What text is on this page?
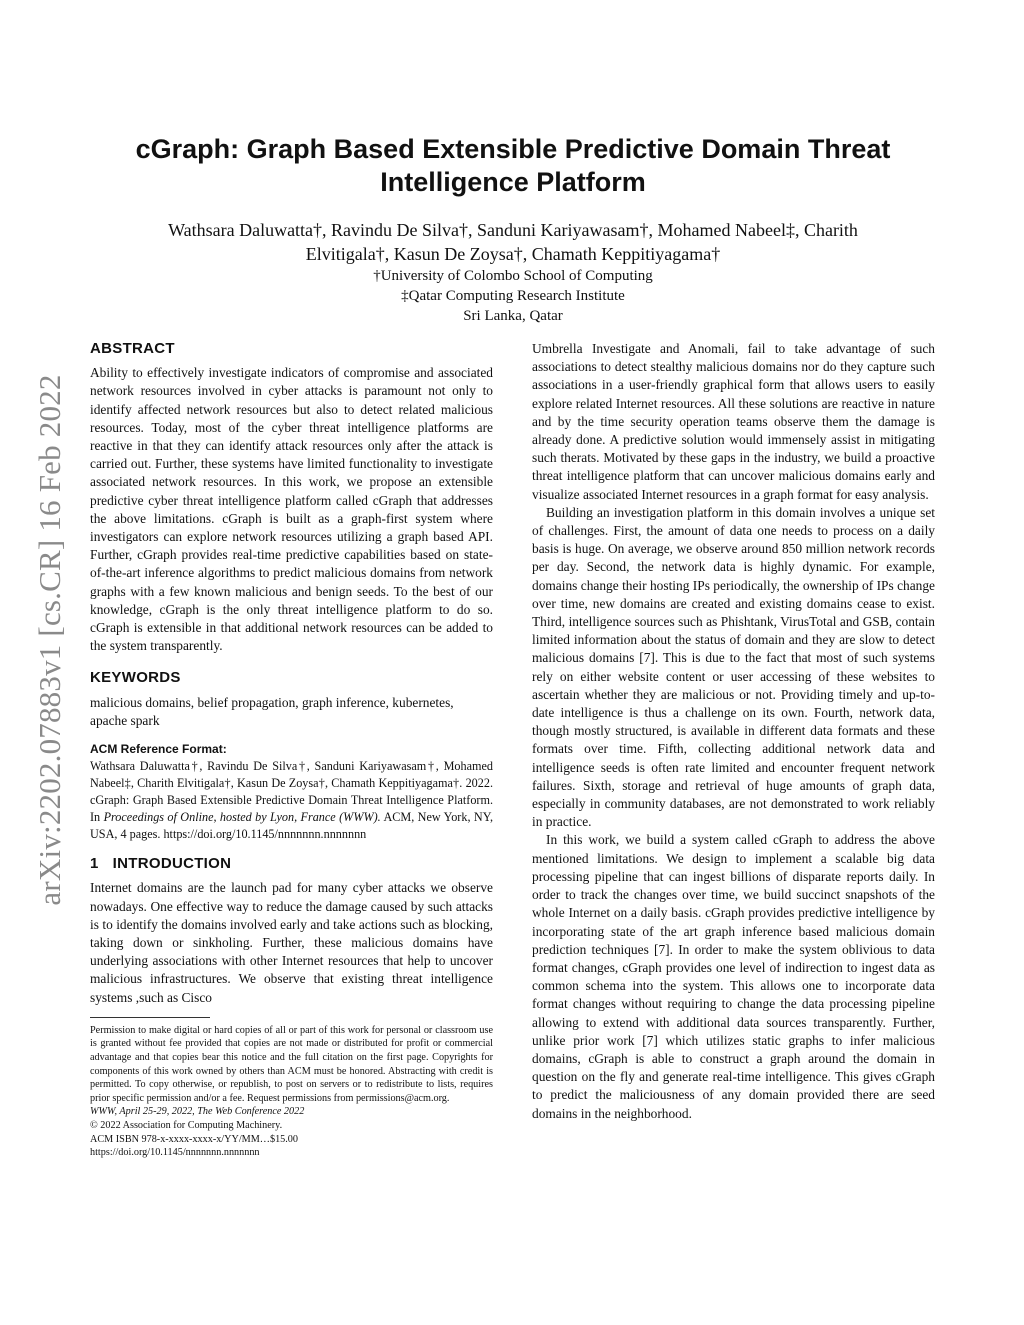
arXiv:2202.07883v1 [cs.CR] 16 Feb 2022
cGraph: Graph Based Extensible Predictive Domain Threat Intelligence Platform
Wathsara Daluwatta†, Ravindu De Silva†, Sanduni Kariyawasam†, Mohamed Nabeel‡, Charith
Elvitigala†, Kasun De Zoysa†, Chamath Keppitiyagama†
†University of Colombo School of Computing
‡Qatar Computing Research Institute
Sri Lanka, Qatar
ABSTRACT

Ability to effectively investigate indicators of compromise and associated network resources involved in cyber attacks is paramount not only to identify affected network resources but also to detect related malicious resources. Today, most of the cyber threat intelligence platforms are reactive in that they can identify attack resources only after the attack is carried out. Further, these systems have limited functionality to investigate associated network resources. In this work, we propose an extensible predictive cyber threat intelligence platform called cGraph that addresses the above limitations. cGraph is built as a graph-first system where investigators can explore network resources utilizing a graph based API. Further, cGraph provides real-time predictive capabilities based on state-of-the-art inference algorithms to predict malicious domains from network graphs with a few known malicious and benign seeds. To the best of our knowledge, cGraph is the only threat intelligence platform to do so. cGraph is extensible in that additional network resources can be added to the system transparently.

KEYWORDS

malicious domains, belief propagation, graph inference, kubernetes, apache spark

ACM Reference Format:

Wathsara Daluwatta†, Ravindu De Silva†, Sanduni Kariyawasam†, Mohamed Nabeel‡, Charith Elvitigala†, Kasun De Zoysa†, Chamath Keppitiyagama†. 2022. cGraph: Graph Based Extensible Predictive Domain Threat Intelligence Platform. In Proceedings of Online, hosted by Lyon, France (WWW). ACM, New York, NY, USA, 4 pages. https://doi.org/10.1145/nnnnnnn.nnnnnnn

1 INTRODUCTION

Internet domains are the launch pad for many cyber attacks we observe nowadays. One effective way to reduce the damage caused by such attacks is to identify the domains involved early and take actions such as blocking, taking down or sinkholing. Further, these malicious domains have underlying associations with other Internet resources that help to uncover malicious infrastructures. We observe that existing threat intelligence systems ,such as Cisco

Permission to make digital or hard copies of all or part of this work for personal or classroom use is granted without fee provided that copies are not made or distributed for profit or commercial advantage and that copies bear this notice and the full citation on the first page. Copyrights for components of this work owned by others than ACM must be honored. Abstracting with credit is permitted. To copy otherwise, or republish, to post on servers or to redistribute to lists, requires prior specific permission and/or a fee. Request permissions from permissions@acm.org.
WWW, April 25-29, 2022, The Web Conference 2022
© 2022 Association for Computing Machinery.
ACM ISBN 978-x-xxxx-xxxx-x/YY/MM…$15.00
https://doi.org/10.1145/nnnnnnn.nnnnnnn

Umbrella Investigate and Anomali, fail to take advantage of such associations to detect stealthy malicious domains nor do they capture such associations in a user-friendly graphical form that allows users to easily explore related Internet resources. All these solutions are reactive in nature and by the time security operation teams observe them the damage is already done. A predictive solution would immensely assist in mitigating such therats. Motivated by these gaps in the industry, we build a proactive threat intelligence platform that can uncover malicious domains early and visualize associated Internet resources in a graph format for easy analysis.

Building an investigation platform in this domain involves a unique set of challenges. First, the amount of data one needs to process on a daily basis is huge. On average, we observe around 850 million network records per day. Second, the network data is highly dynamic. For example, domains change their hosting IPs periodically, the ownership of IPs change over time, new domains are created and existing domains cease to exist. Third, intelligence sources such as Phishtank, VirusTotal and GSB, contain limited information about the status of domain and they are slow to detect malicious domains [7]. This is due to the fact that most of such systems rely on either website content or user accessing of these websites to ascertain whether they are malicious or not. Providing timely and up-to-date intelligence is thus a challenge on its own. Fourth, network data, though mostly structured, is available in different data formats and these formats over time. Fifth, collecting additional network data and intelligence seeds is often rate limited and encounter frequent network failures. Sixth, storage and retrieval of huge amounts of graph data, especially in community databases, are not demonstrated to work reliably in practice.

In this work, we build a system called cGraph to address the above mentioned limitations. We design to implement a scalable big data processing pipeline that can ingest billions of disparate reports daily. In order to track the changes over time, we build succinct snapshots of the whole Internet on a daily basis. cGraph provides predictive intelligence by incorporating state of the art graph inference based malicious domain prediction techniques [7]. In order to make the system oblivious to data format changes, cGraph provides one level of indirection to ingest data as common schema into the system. This allows one to incorporate data format changes without requiring to change the data processing pipeline allowing to extend with additional data sources transparently. Further, unlike prior work [7] which utilizes static graphs to infer malicious domains, cGraph is able to construct a graph around the domain in question on the fly and generate real-time intelligence. This gives cGraph to predict the maliciousness of any domain provided there are seed domains in the neighborhood.
